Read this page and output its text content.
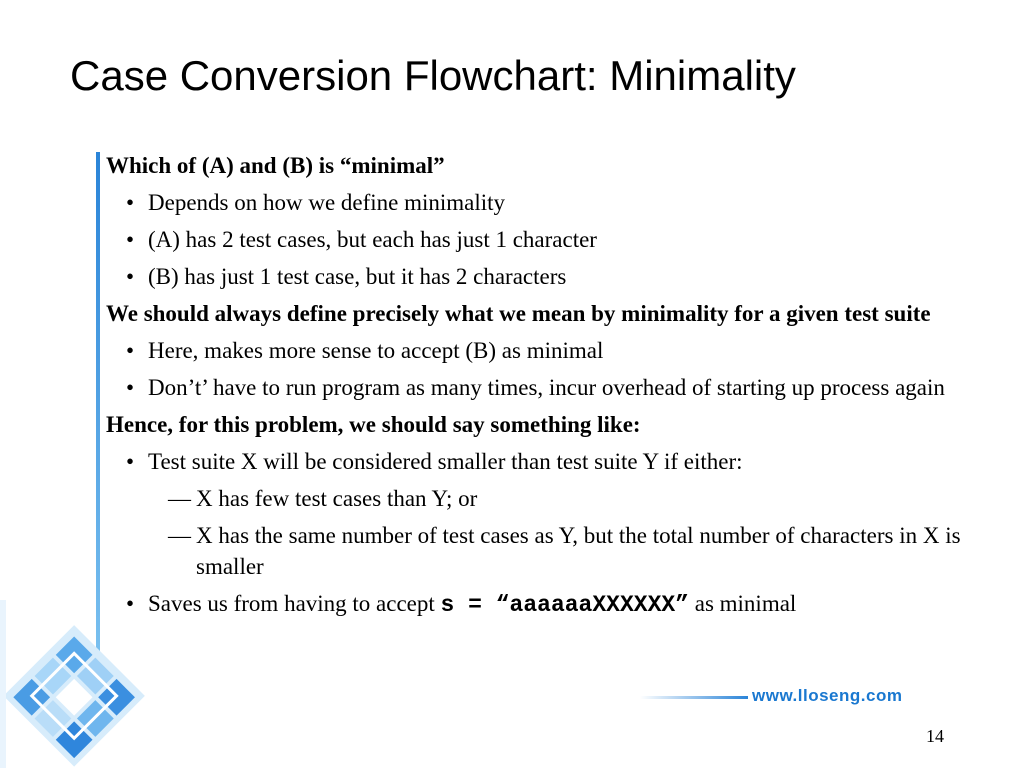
Case Conversion Flowchart: Minimality
Which of (A) and (B) is “minimal”
• Depends on how we define minimality
• (A) has 2 test cases, but each has just 1 character
• (B) has just 1 test case, but it has 2 characters
We should always define precisely what we mean by minimality for a given test suite
• Here, makes more sense to accept (B) as minimal
• Don’t’ have to run program as many times, incur overhead of starting up process again
Hence, for this problem, we should say something like:
• Test suite X will be considered smaller than test suite Y if either:
— X has few test cases than Y; or
— X has the same number of test cases as Y, but the total number of characters in X is smaller
• Saves us from having to accept s = “aaaaaaXXXXXX” as minimal
www.lloseng.com
14
